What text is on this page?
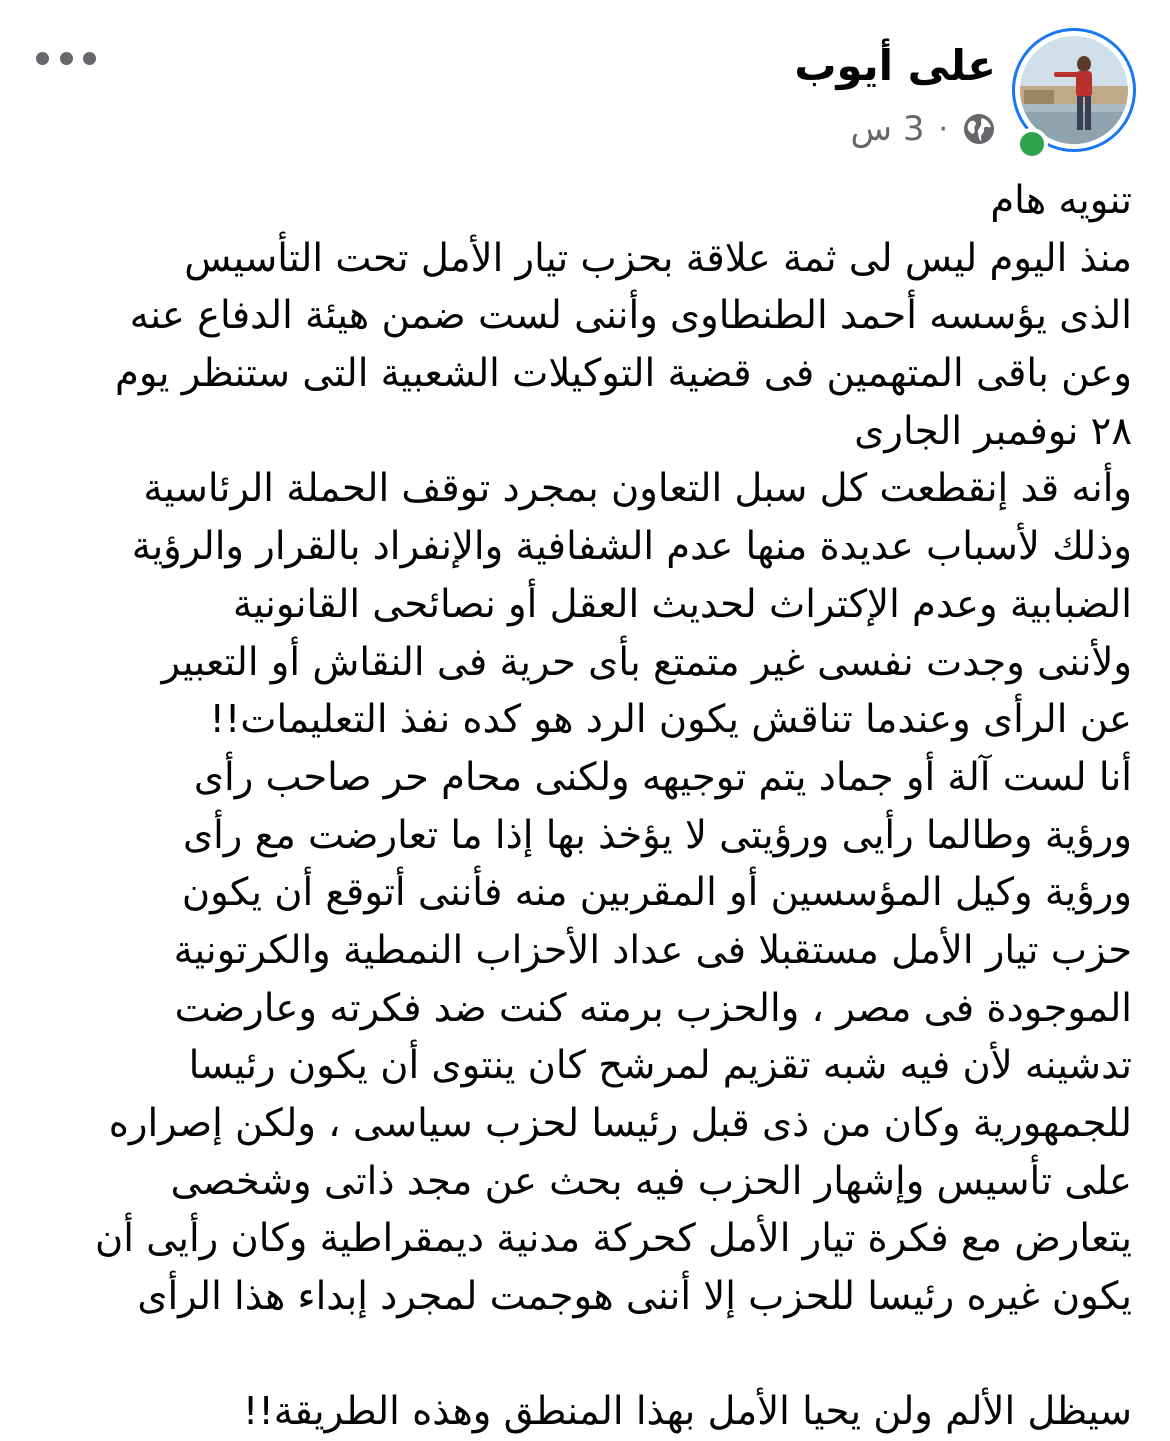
على أيوب
3 س ·
تنويه هام
منذ اليوم ليس لى ثمة علاقة بحزب تيار الأمل تحت التأسيس
الذى يؤسسه أحمد الطنطاوى وأننى لست ضمن هيئة الدفاع عنه
وعن باقى المتهمين فى قضية التوكيلات الشعبية التى ستنظر يوم
٢٨ نوفمبر الجارى
وأنه قد إنقطعت كل سبل التعاون بمجرد توقف الحملة الرئاسية
وذلك لأسباب عديدة منها عدم الشفافية والإنفراد بالقرار والرؤية
الضبابية وعدم الإكتراث لحديث العقل أو نصائحى القانونية
ولأننى وجدت نفسى غير متمتع بأى حرية فى النقاش أو التعبير
عن الرأى وعندما تناقش يكون الرد هو كده نفذ التعليمات!!
أنا لست آلة أو جماد يتم توجيهه ولكنى محام حر صاحب رأى
ورؤية وطالما رأيى ورؤيتى لا يؤخذ بها إذا ما تعارضت مع رأى
ورؤية وكيل المؤسسين أو المقربين منه فأننى أتوقع أن يكون
حزب تيار الأمل مستقبلا فى عداد الأحزاب النمطية والكرتونية
الموجودة فى مصر ، والحزب برمته كنت ضد فكرته وعارضت
تدشينه لأن فيه شبه تقزيم لمرشح كان ينتوى أن يكون رئيسا
للجمهورية وكان من ذى قبل رئيسا لحزب سياسى ، ولكن إصراره
على تأسيس وإشهار الحزب فيه بحث عن مجد ذاتى وشخصى
يتعارض مع فكرة تيار الأمل كحركة مدنية ديمقراطية وكان رأيى أن
يكون غيره رئيسا للحزب إلا أننى هوجمت لمجرد إبداء هذا الرأى
سيظل الألم ولن يحيا الأمل بهذا المنطق وهذه الطريقة!!
